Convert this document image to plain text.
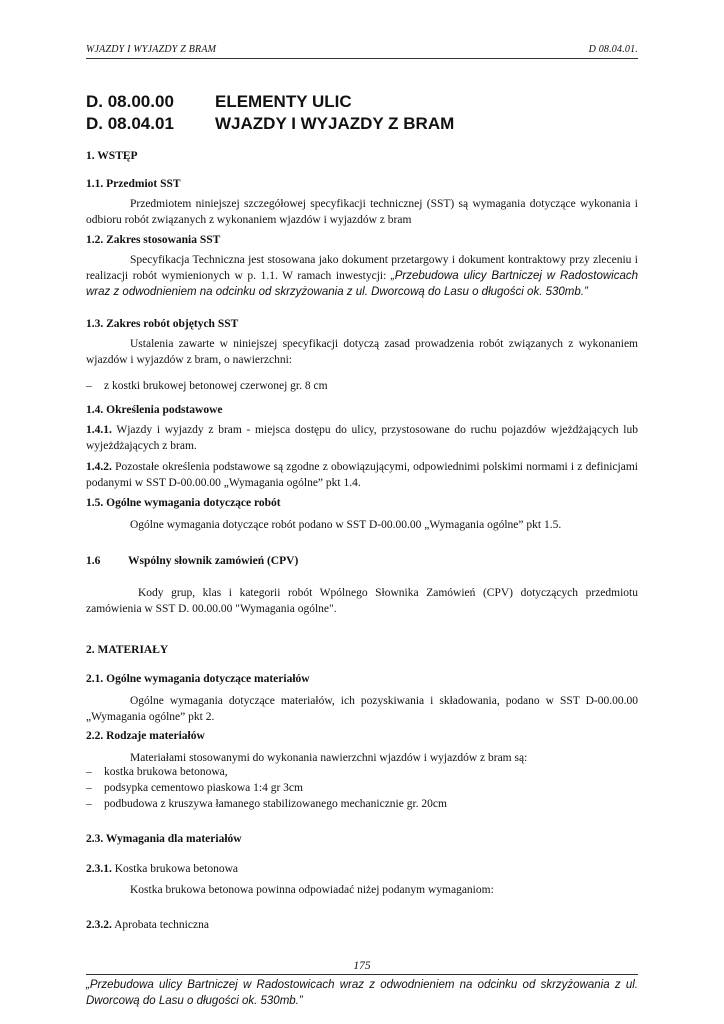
WJAZDY I WYJAZDY Z BRAM	D 08.04.01.
D. 08.00.00 ELEMENTY ULIC
D. 08.04.01 WJAZDY I WYJAZDY Z BRAM
1. WSTĘP
1.1. Przedmiot SST
Przedmiotem niniejszej szczegółowej specyfikacji technicznej (SST) są wymagania dotyczące wykonania i odbioru robót związanych z wykonaniem wjazdów i wyjazdów z bram
1.2. Zakres stosowania SST
Specyfikacja Techniczna jest stosowana jako dokument przetargowy i dokument kontraktowy przy zleceniu i realizacji robót wymienionych w p. 1.1. W ramach inwestycji: „Przebudowa ulicy Bartniczej w Radostowicach wraz z odwodnieniem na odcinku od skrzyżowania z ul. Dworcową do Lasu o długości ok. 530mb.”
1.3. Zakres robót objętych SST
Ustalenia zawarte w niniejszej specyfikacji dotyczą zasad prowadzenia robót związanych z wykonaniem wjazdów i wyjazdów z bram, o nawierzchni:
– z kostki brukowej betonowej czerwonej gr. 8 cm
1.4. Określenia podstawowe
1.4.1. Wjazdy i wyjazdy z bram - miejsca dostępu do ulicy, przystosowane do ruchu pojazdów wjeżdżających lub wyjeżdżających z bram.
1.4.2. Pozostałe określenia podstawowe są zgodne z obowiązującymi, odpowiednimi polskimi normami i z definicjami podanymi w SST D-00.00.00 „Wymagania ogólne” pkt 1.4.
1.5. Ogólne wymagania dotyczące robót
Ogólne wymagania dotyczące robót podano w SST D-00.00.00 „Wymagania ogólne” pkt 1.5.
1.6 Wspólny słownik zamówień (CPV)
Kody grup, klas i kategorii robót Wpólnego Słownika Zamówień (CPV) dotyczących przedmiotu zamówienia w SST D. 00.00.00 "Wymagania ogólne".
2. MATERIAŁY
2.1. Ogólne wymagania dotyczące materiałów
Ogólne wymagania dotyczące materiałów, ich pozyskiwania i składowania, podano w SST D-00.00.00 „Wymagania ogólne” pkt 2.
2.2. Rodzaje materiałów
Materiałami stosowanymi do wykonania nawierzchni wjazdów i wyjazdów z bram są:
– kostka brukowa betonowa,
– podsypka cementowo piaskowa 1:4 gr 3cm
– podbudowa z kruszywa łamanego stabilizowanego mechanicznie gr. 20cm
2.3. Wymagania dla materiałów
2.3.1. Kostka brukowa betonowa
Kostka brukowa betonowa powinna odpowiadać niżej podanym wymaganiom:
2.3.2. Aprobata techniczna
175
„Przebudowa ulicy Bartniczej w Radostowicach wraz z odwodnieniem na odcinku od skrzyżowania z ul. Dworcową do Lasu o długości ok. 530mb.”
